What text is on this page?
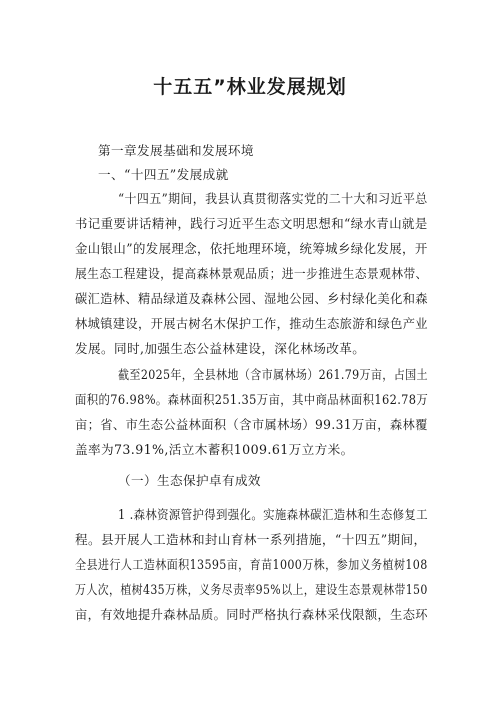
十五五”林业发展规划
第一章发展基础和发展环境
一、“十四五”发展成就
“十四五”期间，我县认真贯彻落实党的二十大和习近平总
书记重要讲话精神，践行习近平生态文明思想和“绿水青山就是
金山银山”的发展理念，依托地理环境，统筹城乡绿化发展，开
展生态工程建设，提高森林景观品质；进一步推进生态景观林带、
碳汇造林、精品绿道及森林公园、湿地公园、乡村绿化美化和森
林城镇建设，开展古树名木保护工作，推动生态旅游和绿色产业
发展。同时,加强生态公益林建设，深化林场改革。
截至2025年，全县林地（含市属林场）261.79万亩，占国土
面积的76.98%。森林面积251.35万亩，其中商品林面积162.78万
亩；省、市生态公益林面积（含市属林场）99.31万亩，森林覆
盖率为73.91%,活立木蓄积1009.61万立方米。
（一）生态保护卓有成效
1 .森林资源管护得到强化。实施森林碳汇造林和生态修复工
程。县开展人工造林和封山育林一系列措施，“十四五”期间，
全县进行人工造林面积13595亩，育苗1000万株，参加义务植树108
万人次，植树435万株，义务尽责率95%以上，建设生态景观林带150
亩，有效地提升森林品质。同时严格执行森林采伐限额，生态环
